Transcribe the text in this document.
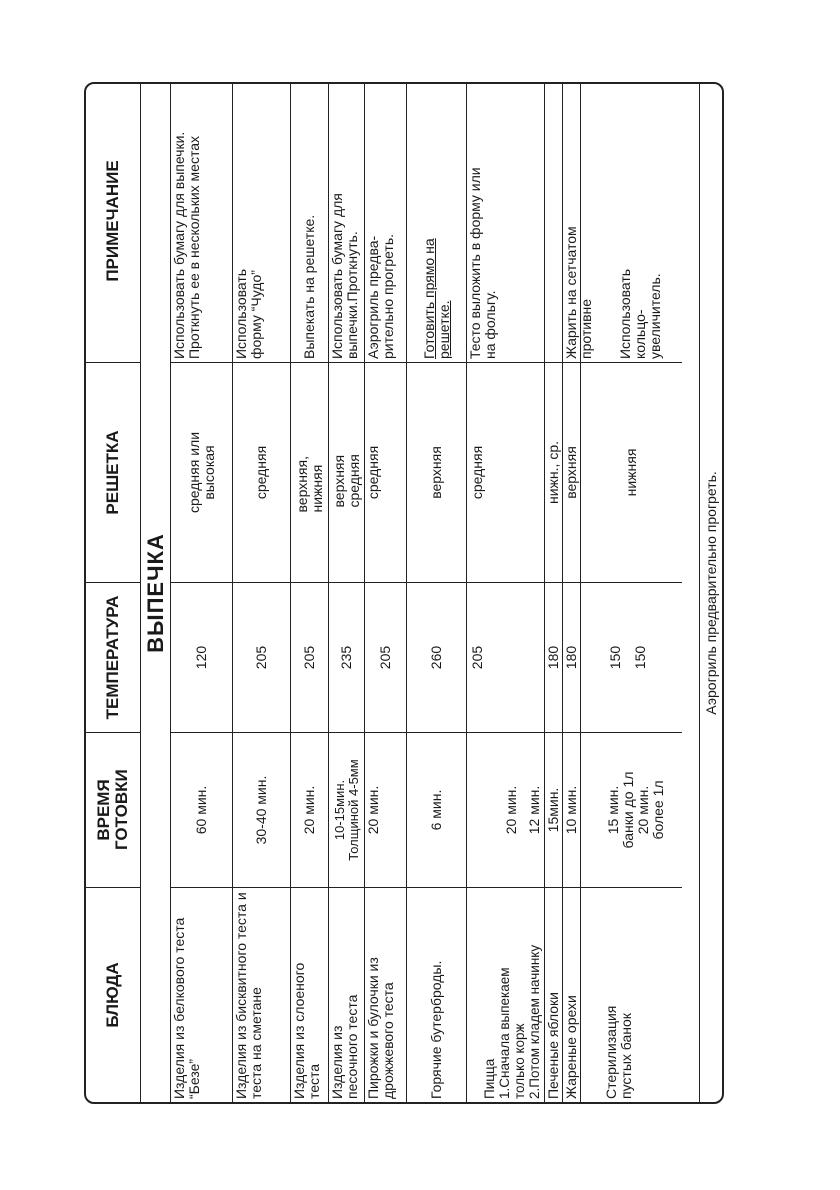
БЛЮДА
ВРЕМЯ ГОТОВКИ
ТЕМПЕРАТУРА
РЕШЕТКА
ПРИМЕЧАНИЕ
ВЫПЕЧКА
Изделия из белкового теста “Безе”
60 мин.
120
средняя или высокая
Использовать бумагу для выпечки. Проткнуть ее в нескольких местах
Изделия из бисквитного теста и теста на сметане
30-40 мин.
205
средняя
Использовать форму “Чудо”
Изделия из слоеного теста
20 мин.
205
верхняя, нижняя
Выпекать на решетке.
Изделия из песочного теста
10-15мин. Толщиной 4-5мм
235
верхняя средняя
Использовать бумагу для выпечки.Проткнуть.
Пирожки и булочки из дрожжевого теста
20 мин.
205
средняя
Аэрогриль предва-рительно прогреть.
Горячие бутерброды.
6 мин.
260
верхняя
Готовить прямо на решетке.
Пицца 1.Сначала выпекаем только корж 2.Потом кладем начинку
20 мин. 12 мин.
205
средняя
Тесто выложить в форму или на фольгу.
Печеные яблоки
15мин.
180
нижн., ср.
Жареные орехи
10 мин.
180
верхняя
Жарить на сетчатом противне
Стерилизация пустых банок
15 мин. банки до 1л 20 мин. более 1л
150 150
нижняя
Использовать кольцо-увеличитель.
Аэрогриль предварительно прогреть.
